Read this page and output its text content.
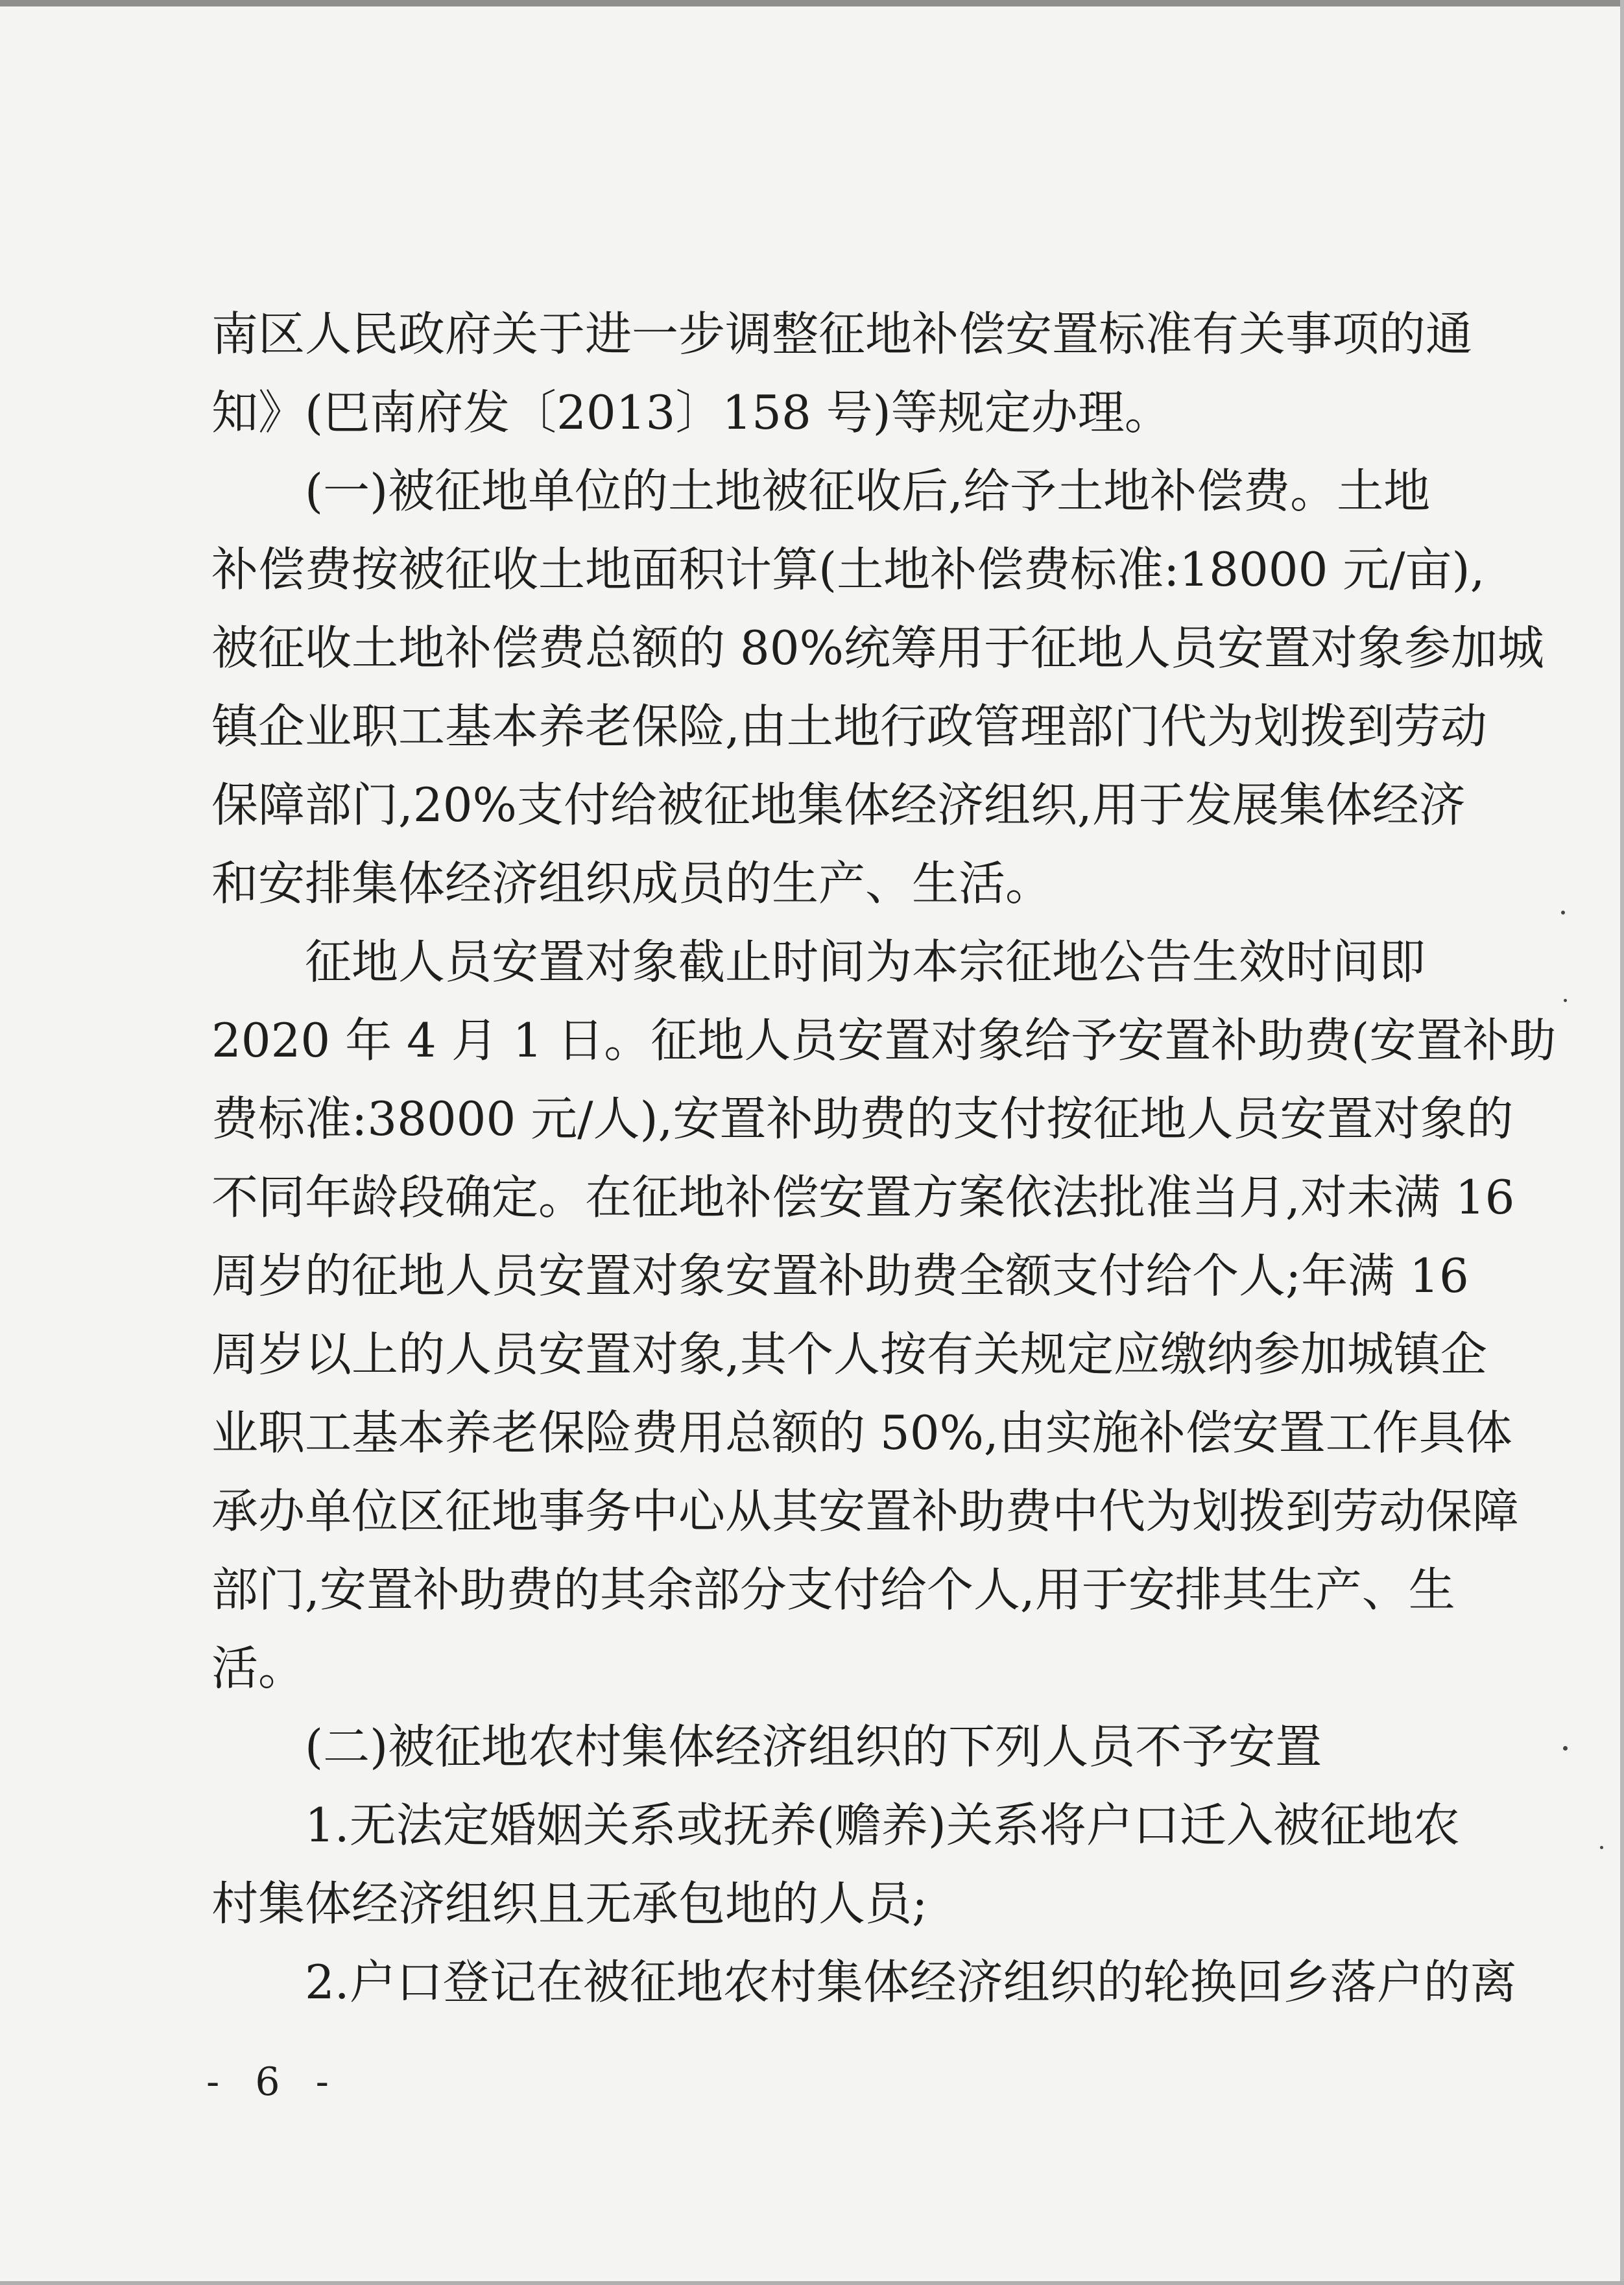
南区人民政府关于进一步调整征地补偿安置标准有关事项的通
知》(巴南府发〔2013〕158 号)等规定办理。
(一)被征地单位的土地被征收后,给予土地补偿费。土地
补偿费按被征收土地面积计算(土地补偿费标准:18000 元/亩),
被征收土地补偿费总额的 80%统筹用于征地人员安置对象参加城
镇企业职工基本养老保险,由土地行政管理部门代为划拨到劳动
保障部门,20%支付给被征地集体经济组织,用于发展集体经济
和安排集体经济组织成员的生产、生活。
征地人员安置对象截止时间为本宗征地公告生效时间即
2020 年 4 月 1 日。征地人员安置对象给予安置补助费(安置补助
费标准:38000 元/人),安置补助费的支付按征地人员安置对象的
不同年龄段确定。在征地补偿安置方案依法批准当月,对未满 16
周岁的征地人员安置对象安置补助费全额支付给个人;年满 16
周岁以上的人员安置对象,其个人按有关规定应缴纳参加城镇企
业职工基本养老保险费用总额的 50%,由实施补偿安置工作具体
承办单位区征地事务中心从其安置补助费中代为划拨到劳动保障
部门,安置补助费的其余部分支付给个人,用于安排其生产、生
活。
(二)被征地农村集体经济组织的下列人员不予安置
1.无法定婚姻关系或抚养(赡养)关系将户口迁入被征地农
村集体经济组织且无承包地的人员;
2.户口登记在被征地农村集体经济组织的轮换回乡落户的离
- 6 -
